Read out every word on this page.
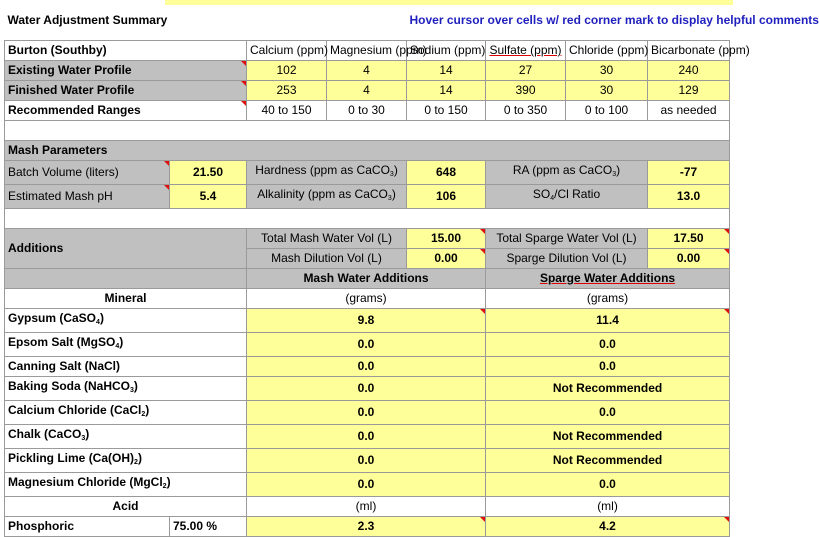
Water Adjustment Summary				Hover cursor over cells w/ red corner mark to display helpful comments			
Burton (Southby)		Calcium (ppm)	Magnesium (ppm)	Sodium (ppm)	Sulfate (ppm)	Chloride (ppm)	Bicarbonate (ppm)
Existing Water Profile		102	4	14	27	30	240
Finished Water Profile		253	4	14	390	30	129
Recommended Ranges		40 to 150	0 to 30	0 to 150	0 to 350	0 to 100	as needed

Mash Parameters							
Batch Volume (liters)	21.50	Hardness (ppm as CaCO$_3$)		648	RA (ppm as CaCO$_3$)		-77
Estimated Mash pH	5.4	Alkalinity (ppm as CaCO$_3$)		106	$SO_4/Cl$ Ratio		13.0

Additions		Total Mash Water Vol (L)		15.00	Total Sparge Water Vol (L)		17.50
		Mash Dilution Vol (L)		0.00	Sparge Dilution Vol (L)		0.00
		Mash Water Additions			Sparge Water Additions		
Mineral		(grams)			(grams)		
Gypsum (CaSO$_4$)		9.8			11.4		
Epsom Salt (MgSO$_4$)		0.0			0.0		
Canning Salt (NaCl)		0.0			0.0		
Baking Soda (NaHCO$_3$)		0.0			Not Recommended		
Calcium Chloride (CaCl$_2$)		0.0			0.0		
Chalk (CaCO$_3$)		0.0			Not Recommended		
Pickling Lime $(Ca(OH)_2)$		0.0			Not Recommended		
Magnesium Chloride (MgCl$_2$)		0.0			0.0		
Acid		(ml)			(ml)		
Phosphoric	75.00 %	2.3			4.2		
